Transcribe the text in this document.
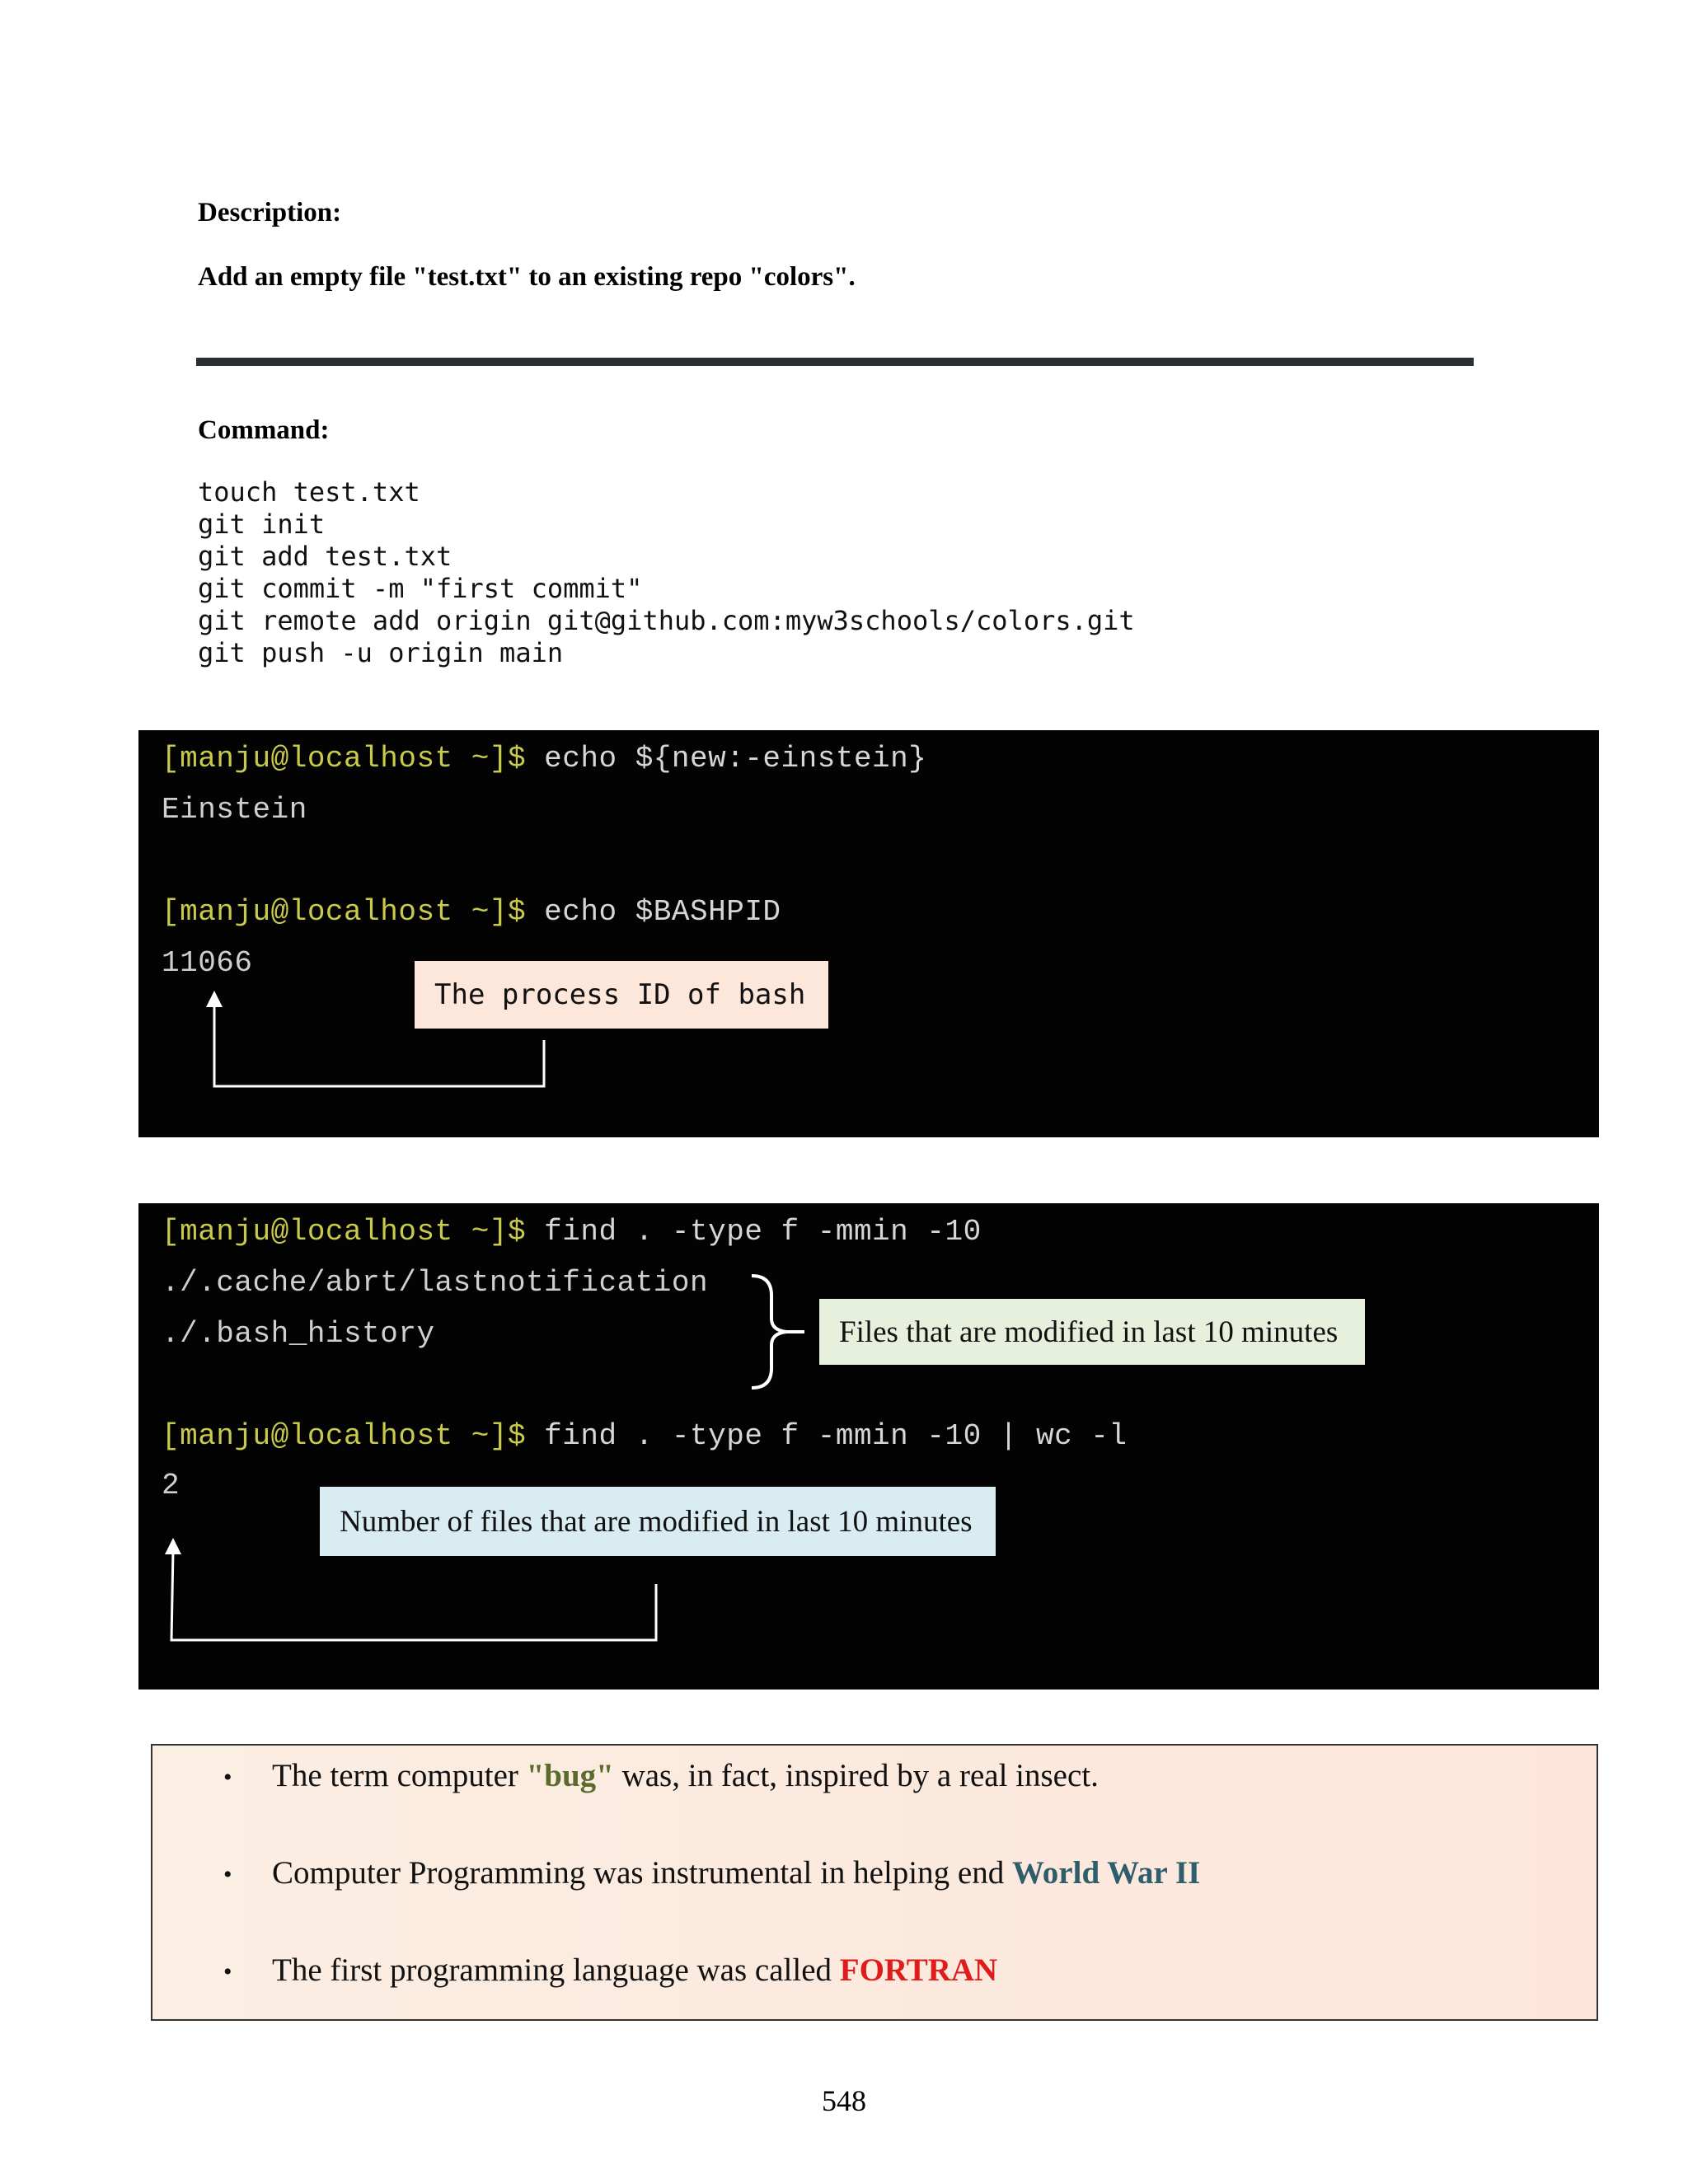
Description:
Add an empty file "test.txt" to an existing repo "colors".
Command:
touch test.txt
git init
git add test.txt
git commit -m "first commit"
git remote add origin git@github.com:myw3schools/colors.git
git push -u origin main
[manju@localhost ~]$ echo ${new:-einstein}
Einstein
[manju@localhost ~]$ echo $BASHPID
11066
The process ID of bash
[manju@localhost ~]$ find . -type f -mmin -10
./.cache/abrt/lastnotification
./.bash_history	Files that are modified in last 10 minutes
[manju@localhost ~]$ find . -type f -mmin -10 | wc -l
2
Number of files that are modified in last 10 minutes
• The term computer "bug" was, in fact, inspired by a real insect.
• Computer Programming was instrumental in helping end World War II
• The first programming language was called FORTRAN
548
